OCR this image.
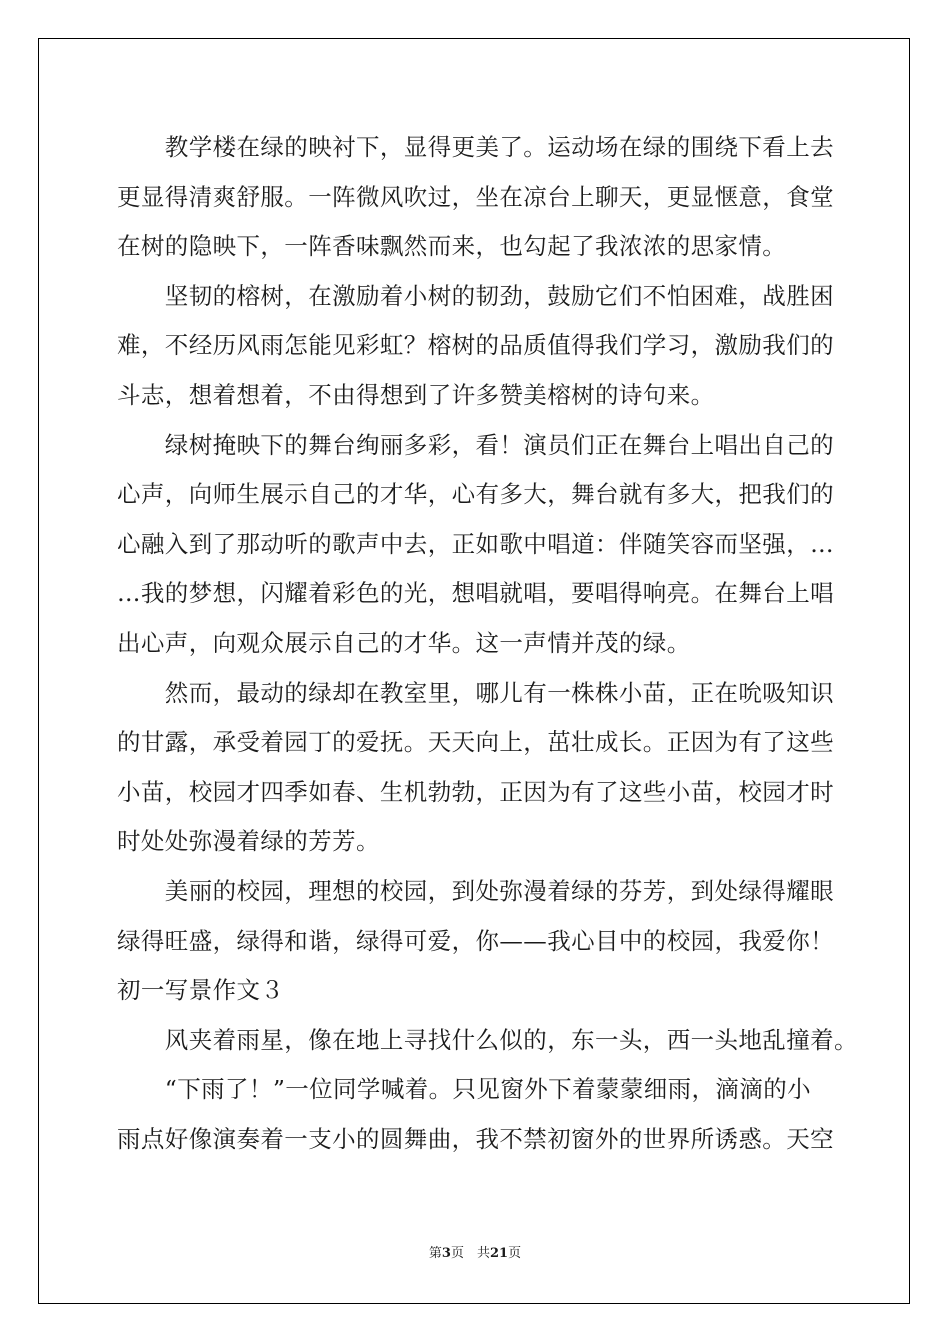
　　教学楼在绿的映衬下，显得更美了。运动场在绿的围绕下看上去
更显得清爽舒服。一阵微风吹过，坐在凉台上聊天，更显惬意，食堂
在树的隐映下，一阵香味飘然而来，也勾起了我浓浓的思家情。
　　坚韧的榕树，在激励着小树的韧劲，鼓励它们不怕困难，战胜困
难，不经历风雨怎能见彩虹？榕树的品质值得我们学习，激励我们的
斗志，想着想着，不由得想到了许多赞美榕树的诗句来。
　　绿树掩映下的舞台绚丽多彩，看！演员们正在舞台上唱出自己的
心声，向师生展示自己的才华，心有多大，舞台就有多大，把我们的
心融入到了那动听的歌声中去，正如歌中唱道：伴随笑容而坚强，…
…我的梦想，闪耀着彩色的光，想唱就唱，要唱得响亮。在舞台上唱
出心声，向观众展示自己的才华。这一声情并茂的绿。
　　然而，最动的绿却在教室里，哪儿有一株株小苗，正在吮吸知识
的甘露，承受着园丁的爱抚。天天向上，茁壮成长。正因为有了这些
小苗，校园才四季如春、生机勃勃，正因为有了这些小苗，校园才时
时处处弥漫着绿的芳芳。
　　美丽的校园，理想的校园，到处弥漫着绿的芬芳，到处绿得耀眼
绿得旺盛，绿得和谐，绿得可爱，你——我心目中的校园，我爱你！
初一写景作文３
　　风夹着雨星，像在地上寻找什么似的，东一头，西一头地乱撞着。
　　“下雨了！”一位同学喊着。只见窗外下着蒙蒙细雨，滴滴的小
雨点好像演奏着一支小的圆舞曲，我不禁初窗外的世界所诱惑。天空
第3页　共21页
